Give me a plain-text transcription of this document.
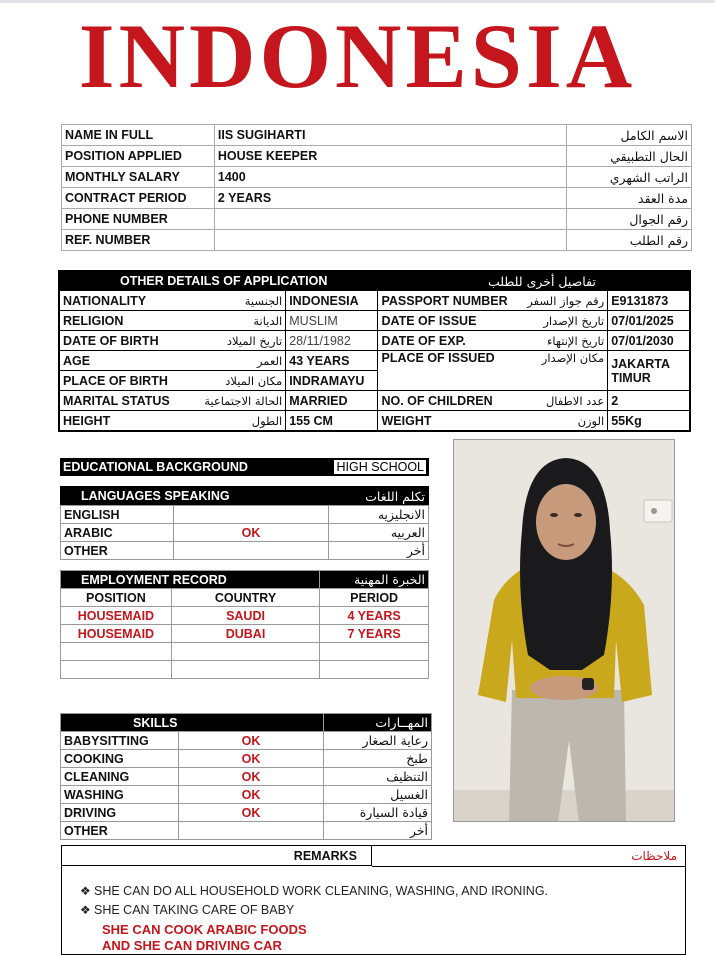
INDONESIA
NAME IN FULL	IIS SUGIHARTI	الاسم الكامل
POSITION APPLIED	HOUSE KEEPER	الحال التطبيقي
MONTHLY SALARY	1400	الراتب الشهري
CONTRACT PERIOD	2 YEARS	مدة العقد
PHONE NUMBER		رقم الجوال
REF. NUMBER		رقم الطلب
OTHER DETAILS OF APPLICATION		تفاصيل أخرى للطلب	

NATIONALITY الجنسية	INDONESIA	PASSPORT NUMBER رقم جواز السفر	E9131873

RELIGION الديانة	MUSLIM	DATE OF ISSUE تاريخ الإصدار	07/01/2025

DATE OF BIRTH تاريخ الميلاد	28/11/1982	DATE OF EXP. تاريخ الإنتهاء	07/01/2030

AGE العمر	43 YEARS	PLACE OF ISSUED مكان الإصدار	JAKARTA

PLACE OF BIRTH مكان الميلاد	INDRAMAYU		TIMUR

MARITAL STATUS الحالة الاجتماعية	MARRIED	NO. OF CHILDREN عدد الاطفال	2

HEIGHT الطول	155 CM	WEIGHT الوزن	55Kg
EDUCATIONAL BACKGROUND	HIGH SCHOOL
LANGUAGES SPEAKING		تكلم اللغات
ENGLISH		الانجليزيه
ARABIC	OK	العربيه
OTHER		أخر
EMPLOYMENT RECORD		الخبرة المهنية
POSITION	COUNTRY	PERIOD
HOUSEMAID	SAUDI	4 YEARS
HOUSEMAID	DUBAI	7 YEARS

SKILLS		المهــارات
BABYSITTING	OK	رعاية الصغار
COOKING	OK	طبخ
CLEANING	OK	التنظيف
WASHING	OK	الغسيل
DRIVING	OK	قيادة السيارة
OTHER		أخر
REMARKS	ملاحظات
❖ SHE CAN DO ALL HOUSEHOLD WORK CLEANING, WASHING, AND IRONING.
❖ SHE CAN TAKING CARE OF BABY
SHE CAN COOK ARABIC FOODS
AND SHE CAN DRIVING CAR
